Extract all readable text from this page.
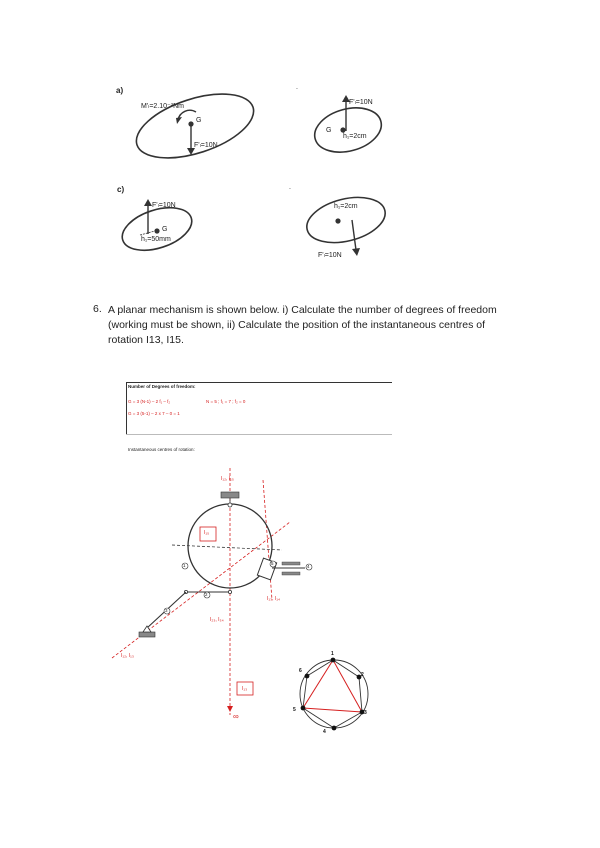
a)
M'ₗ=2.10⁻³Nm
G
F'ₗ=10N
.
F'ₗ=10N
G
h₁=2cm
c)
F'ₗ=10N
G
h₁=50mm
.
h₁=2cm
F'ₗ=10N
6. A planar mechanism is shown below. i) Calculate the number of degrees of freedom (working must be shown, ii) Calculate the position of the instantaneous centres of rotation I13, I15.
Number of Degrees of freedom:
G = 3 (N-1) – 2 f₁ – f₂	N = 5 ; f₁ = 7 ; f₂ = 0
G = 3 (5-1) – 2 x 7 – 0 = 1
Instantaneous centres of rotation:
I₁₂, I₁₅
I₁₅
I₁₃, I₁₄
I₂₃, I₃₄
I₁₂, I₁₃
I₁₃
∞
1
2
3
4
5
1
2
3
4
5
6
